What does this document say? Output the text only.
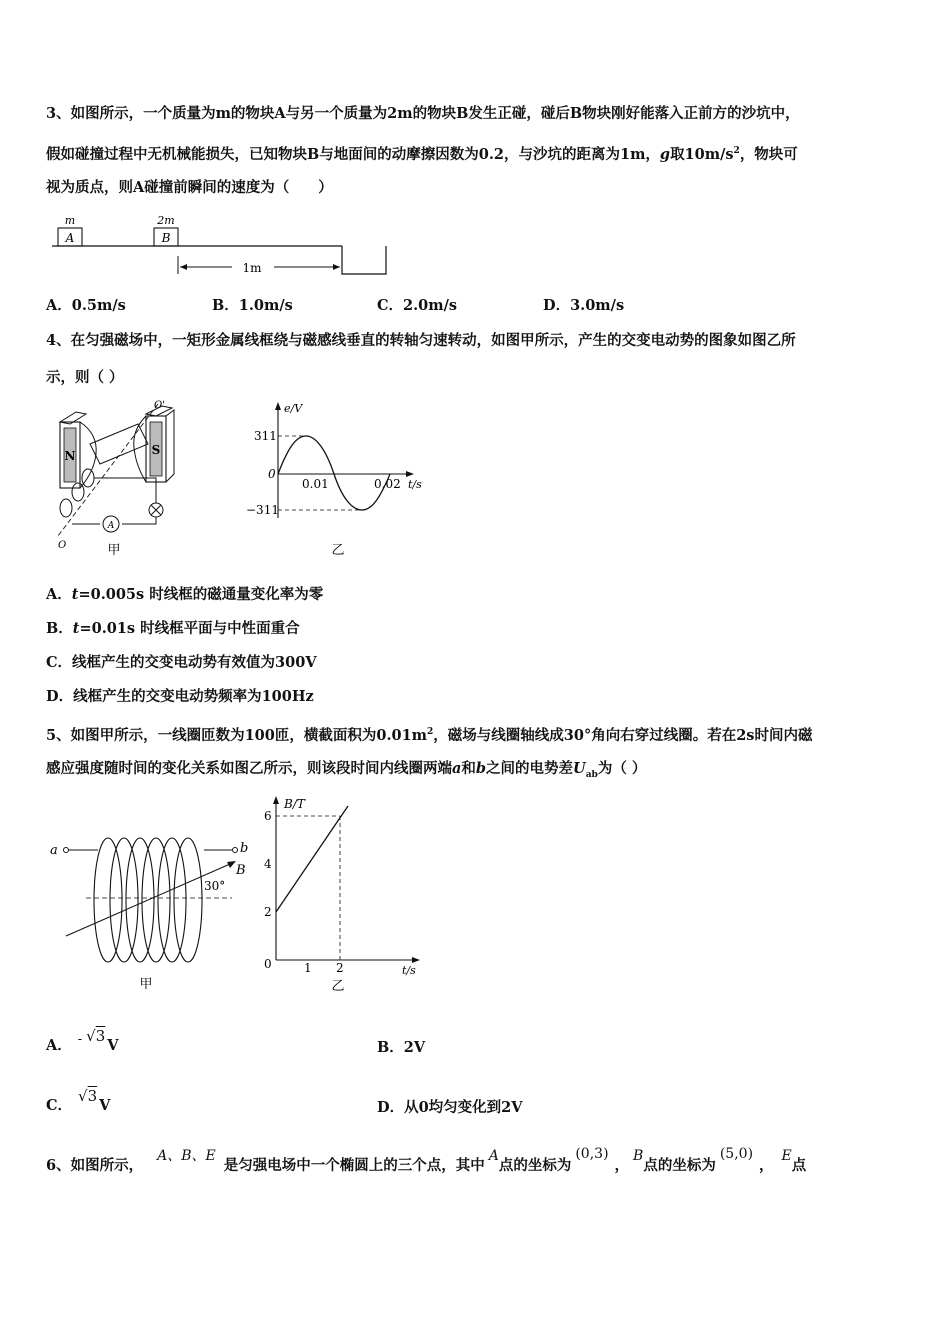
3、如图所示，一个质量为m的物块A与另一个质量为2m的物块B发生正碰，碰后B物块刚好能落入正前方的沙坑中，
假如碰撞过程中无机械能损失，已知物块B与地面间的动摩擦因数为0.2，与沙坑的距离为1m，g取$10m/s^2$，物块可
视为质点，则A碰撞前瞬间的速度为（　　）
m
A
2m
B
1m
A．0.5m/s	B．1.0m/s	C．2.0m/s	D．3.0m/s
4、在匀强磁场中，一矩形金属线框绕与磁感线垂直的转轴匀速转动，如图甲所示，产生的交变电动势的图象如图乙所
示，则（ ）
N	S
O'
O
A
甲
e/V
311
−311
0
0.01	0.02 t/s
乙
A．t=0.005s 时线框的磁通量变化率为零
B．t=0.01s 时线框平面与中性面重合
C．线框产生的交变电动势有效值为300V
D．线框产生的交变电动势频率为100Hz
5、如图甲所示，一线圈匝数为100匝，横截面积为$0.01m^2$，磁场与线圈轴线成30°角向右穿过线圈。若在2s时间内磁
感应强度随时间的变化关系如图乙所示，则该段时间内线圈两端a和b之间的电势差$U_{ab}$为（ ）
a	b
B
30°
甲
B/T
6
4
2
0	1 2	t/s
乙
A． - √3V	B．2V
C．√3V	D．从0均匀变化到2V
6、如图所示，A、B、E是匀强电场中一个椭圆上的三个点，其中A点的坐标为(0,3)，B点的坐标为(5,0)，E点
